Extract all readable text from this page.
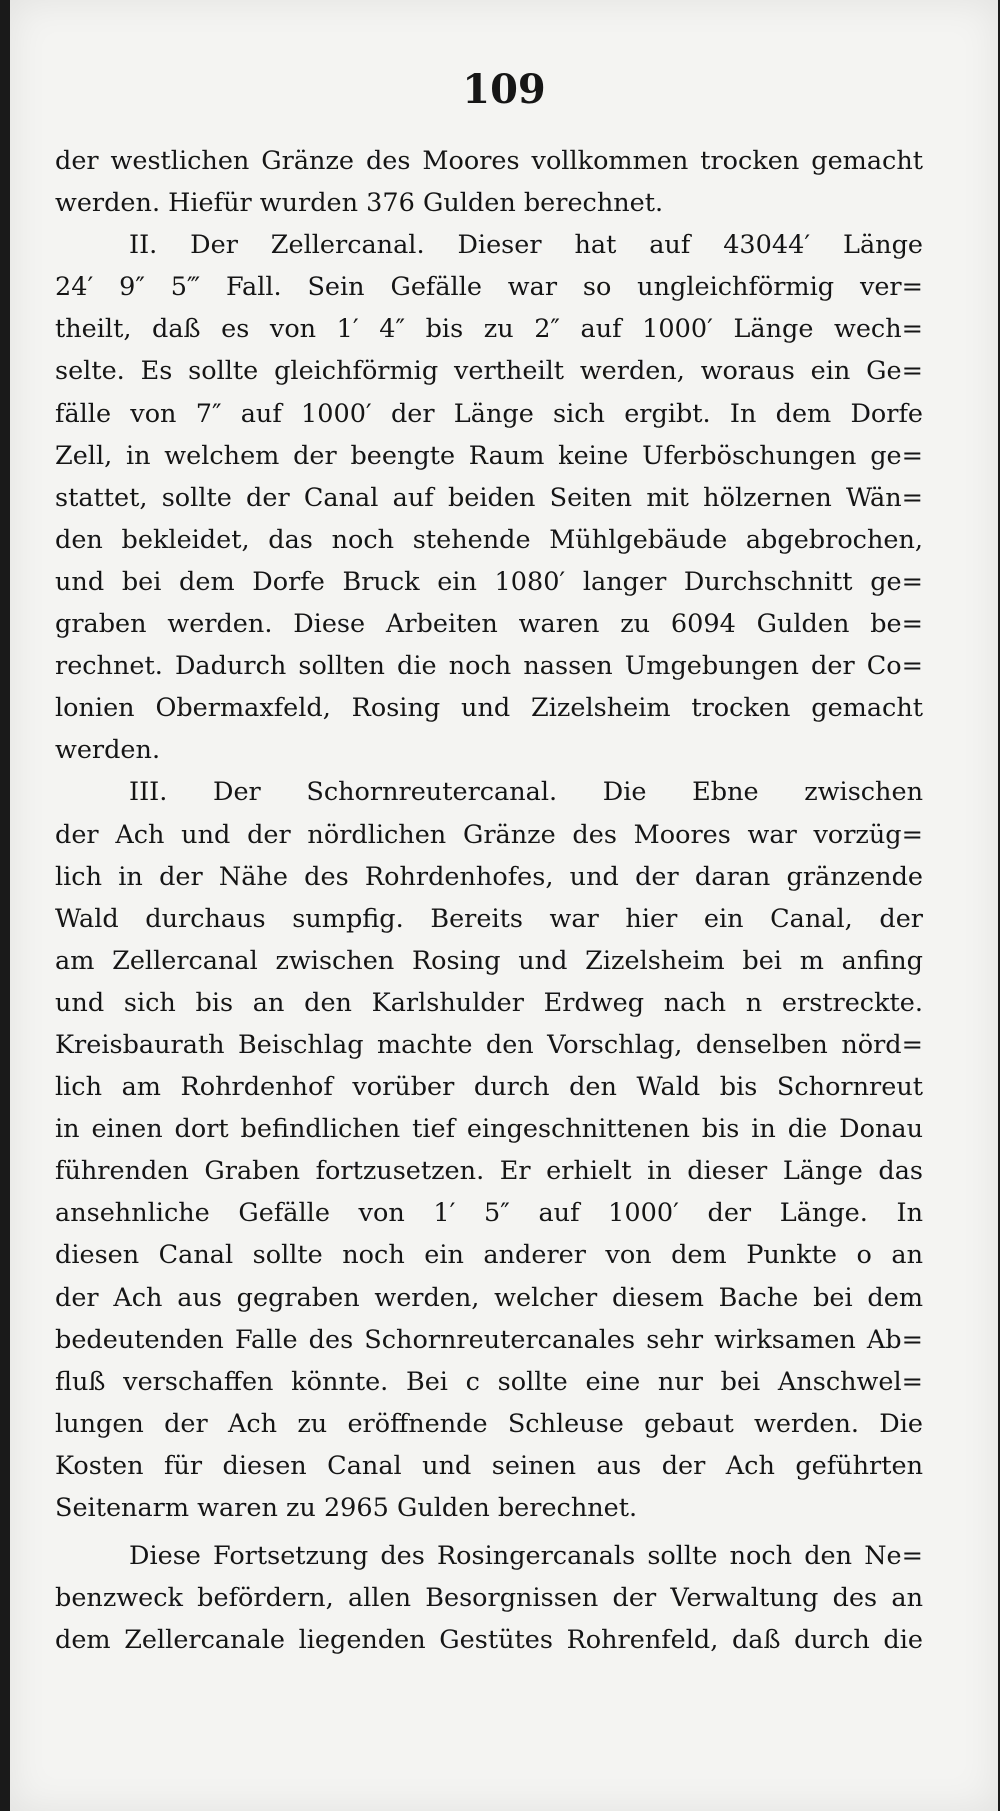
109
der westlichen Gränze des Moores vollkommen trocken gemacht
werden. Hiefür wurden 376 Gulden berechnet.
II. Der Zellercanal. Dieser hat auf 43044′ Länge
24′ 9″ 5‴ Fall. Sein Gefälle war so ungleichförmig ver=
theilt, daß es von 1′ 4″ bis zu 2″ auf 1000′ Länge wech=
selte. Es sollte gleichförmig vertheilt werden, woraus ein Ge=
fälle von 7″ auf 1000′ der Länge sich ergibt. In dem Dorfe
Zell, in welchem der beengte Raum keine Uferböschungen ge=
stattet, sollte der Canal auf beiden Seiten mit hölzernen Wän=
den bekleidet, das noch stehende Mühlgebäude abgebrochen,
und bei dem Dorfe Bruck ein 1080′ langer Durchschnitt ge=
graben werden. Diese Arbeiten waren zu 6094 Gulden be=
rechnet. Dadurch sollten die noch nassen Umgebungen der Co=
lonien Obermaxfeld, Rosing und Zizelsheim trocken gemacht
werden.
III. Der Schornreutercanal. Die Ebne zwischen
der Ach und der nördlichen Gränze des Moores war vorzüg=
lich in der Nähe des Rohrdenhofes, und der daran gränzende
Wald durchaus sumpfig. Bereits war hier ein Canal, der
am Zellercanal zwischen Rosing und Zizelsheim bei m anfing
und sich bis an den Karlshulder Erdweg nach n erstreckte.
Kreisbaurath Beischlag machte den Vorschlag, denselben nörd=
lich am Rohrdenhof vorüber durch den Wald bis Schornreut
in einen dort befindlichen tief eingeschnittenen bis in die Donau
führenden Graben fortzusetzen. Er erhielt in dieser Länge das
ansehnliche Gefälle von 1′ 5″ auf 1000′ der Länge. In
diesen Canal sollte noch ein anderer von dem Punkte o an
der Ach aus gegraben werden, welcher diesem Bache bei dem
bedeutenden Falle des Schornreutercanales sehr wirksamen Ab=
fluß verschaffen könnte. Bei c sollte eine nur bei Anschwel=
lungen der Ach zu eröffnende Schleuse gebaut werden. Die
Kosten für diesen Canal und seinen aus der Ach geführten
Seitenarm waren zu 2965 Gulden berechnet.
Diese Fortsetzung des Rosingercanals sollte noch den Ne=
benzweck befördern, allen Besorgnissen der Verwaltung des an
dem Zellercanale liegenden Gestütes Rohrenfeld, daß durch die
